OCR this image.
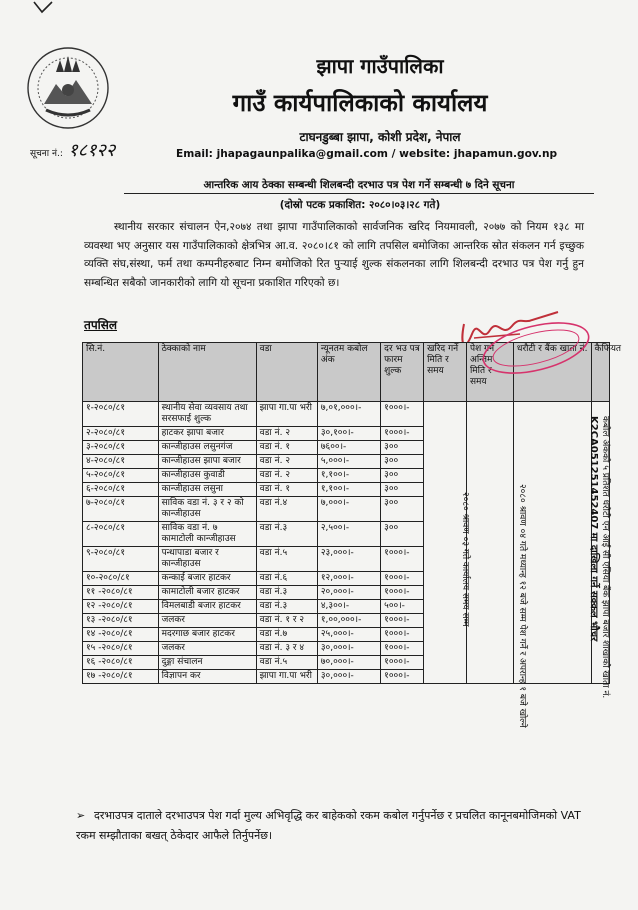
झापा गाउँपालिका
गाउँ कार्यपालिकाको कार्यालय
टाघनडुब्बा झापा, कोशी प्रदेश, नेपाल
Email: jhapagaunpalika@gmail.com / website: jhapamun.gov.np
सूचना नं.: १८१२२
आन्तरिक आय ठेक्का सम्बन्धी शिलबन्दी दरभाउ पत्र पेश गर्ने सम्बन्धी ७ दिने सूचना
(दोस्रो पटक प्रकाशित: २०८०।०३।२८ गते)
स्थानीय सरकार संचालन ऐन,२०७४ तथा झापा गाउँपालिकाको सार्वजनिक खरिद नियमावली, २०७७ को नियम १३८ मा व्यवस्था भए अनुसार यस गाउँपालिकाको क्षेत्रभित्र आ.व. २०८०।८१ को लागि तपसिल बमोजिका आन्तरिक स्रोत संकलन गर्न इच्छुक व्यक्ति संघ,संस्था, फर्म तथा कम्पनीहरुबाट निम्न बमोजिको रित पुर्‍याई शुल्क संकलनका लागि शिलबन्दी दरभाउ पत्र पेश गर्नु हुन सम्बन्धित सबैको जानकारीको लागि यो सूचना प्रकाशित गरिएको छ।
तपसिल
सि.नं.	ठेक्काको नाम	वडा	न्यूनतम कबोल अंक	दर भउ पत्र फारम शुल्क	खरिद गर्ने मिति र समय	पेश गर्ने अन्तिम मिति र समय	धरौटी र बैंक खाता नं.	कैफियत
१-२०८०/८१	स्थानीय सेवा व्यवसाय तथा सरसफाई शुल्क	झापा गा.पा भरी	७,०१,०००।-	१०००।-	२०८० श्रावण ०३ गते कार्यालय समय सम्म	२०८० श्रावण ०४ गते मध्यान्ह १२ बजे सम्म पेश गर्ने र अपरान्ह १ बजे खोल्ने	कबोल अंकको ५ प्रतिशत धरौटी एन आई सी एसिया बैंक झापा बजार शाखाको खाता नं.
K2CA051251452407 मा दाखिला गर्ने सक्कल भौचर	

२-२०८०/८१	हाटकर झापा बजार	वडा नं. २	३०,१००।-	१०००।-				
३-२०८०/८१	कान्जीहाउस लसुनगंज	वडा नं. १	७६००।-	३००				
४-२०८०/८१	कान्जीहाउस झापा बजार	वडा नं. २	५,०००।-	३००				
५-२०८०/८१	कान्जीहाउस कुवाडी	वडा नं. २	१,१००।-	३००				
६-२०८०/८१	कान्जीहाउस लसुना	वडा नं. १	१,१००।-	३००				
७-२०८०/८१	साविक वडा नं. ३ र २ को कान्जीहाउस	वडा नं.४	७,०००।-	३००				
८-२०८०/८१	साविक वडा नं. ७ कामाटोली कान्जीहाउस	वडा नं.३	२,५००।-	३००				
९-२०८०/८१	पन्धापाडा बजार र कान्जीहाउस	वडा नं.५	२३,०००।-	१०००।-				
१०-२०८०/८१	कन्काई बजार हाटकर	वडा नं.६	१२,०००।-	१०००।-				
११ -२०८०/८१	कामाटोली बजार हाटकर	वडा नं.३	२०,०००।-	१०००।-				
१२ -२०८०/८१	विमलबाडी बजार हाटकर	वडा नं.३	४,३००।-	५००।-				
१३ -२०८०/८१	जलकर	वडा नं. १ र २	१,००,०००।-	१०००।-				
१४ -२०८०/८१	मदरगाछ बजार हाटकर	वडा नं.७	२५,०००।-	१०००।-				
१५ -२०८०/८१	जलकर	वडा नं. ३ र ४	३०,०००।-	१०००।-				
१६ -२०८०/८१	दुङ्गा संचालन	वडा नं.५	७०,०००।-	१०००।-				
१७ -२०८०/८१	विज्ञापन कर	झापा गा.पा भरी	३०,०००।-	१०००।-				
➢ दरभाउपत्र दाताले दरभाउपत्र पेश गर्दा मुल्य अभिवृद्धि कर बाहेकको रकम कबोल गर्नुपर्नेछ र प्रचलित कानूनबमोजिमको VAT रकम सम्झौताका बखत् ठेकेदार आफैले तिर्नुपर्नेछ।
